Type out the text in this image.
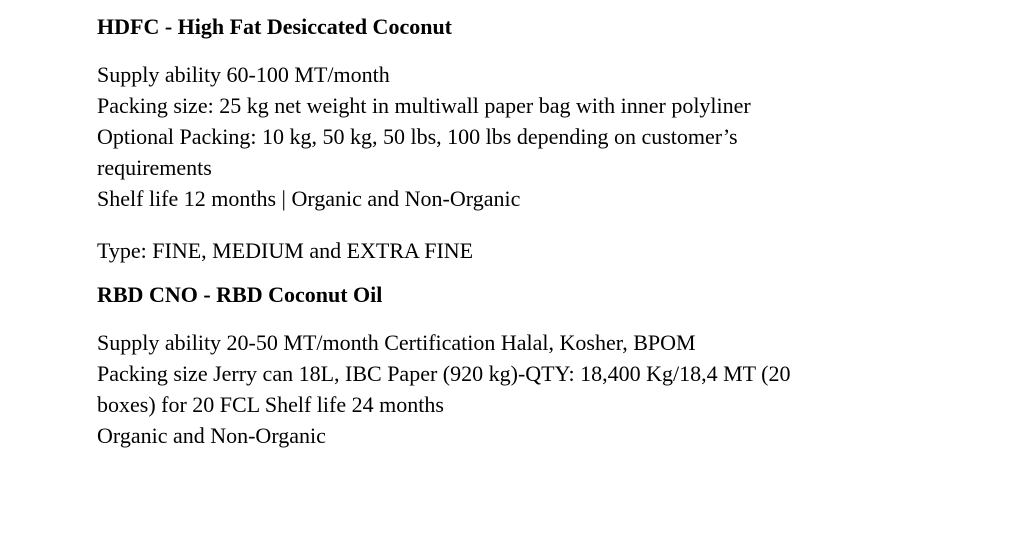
HDFC - High Fat Desiccated Coconut

Supply ability 60-100 MT/month
Packing size: 25 kg net weight in multiwall paper bag with inner polyliner
Optional Packing: 10 kg, 50 kg, 50 lbs, 100 lbs depending on customer’s
requirements
Shelf life 12 months | Organic and Non-Organic

Type: FINE, MEDIUM and EXTRA FINE

RBD CNO - RBD Coconut Oil

Supply ability 20-50 MT/month Certification Halal, Kosher, BPOM
Packing size Jerry can 18L, IBC Paper (920 kg)-QTY: 18,400 Kg/18,4 MT (20
boxes) for 20 FCL Shelf life 24 months
Organic and Non-Organic
